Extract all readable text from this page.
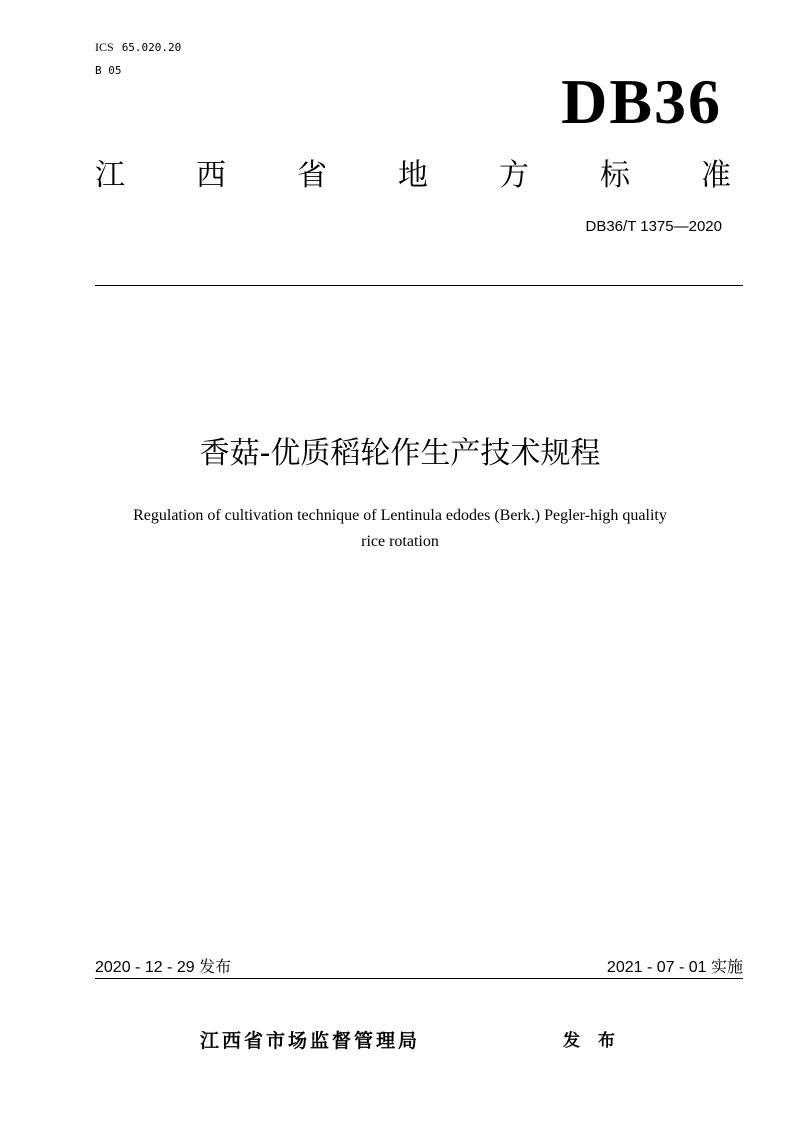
ICS 65.020.20
B 05	DB36
江 西 省 地 方 标 准
DB36/T 1375—2020
香菇-优质稻轮作生产技术规程
Regulation of cultivation technique of Lentinula edodes (Berk.) Pegler-high quality
rice rotation
2020 - 12 - 29 发布	2021 - 07 - 01 实施
江西省市场监督管理局	发 布
